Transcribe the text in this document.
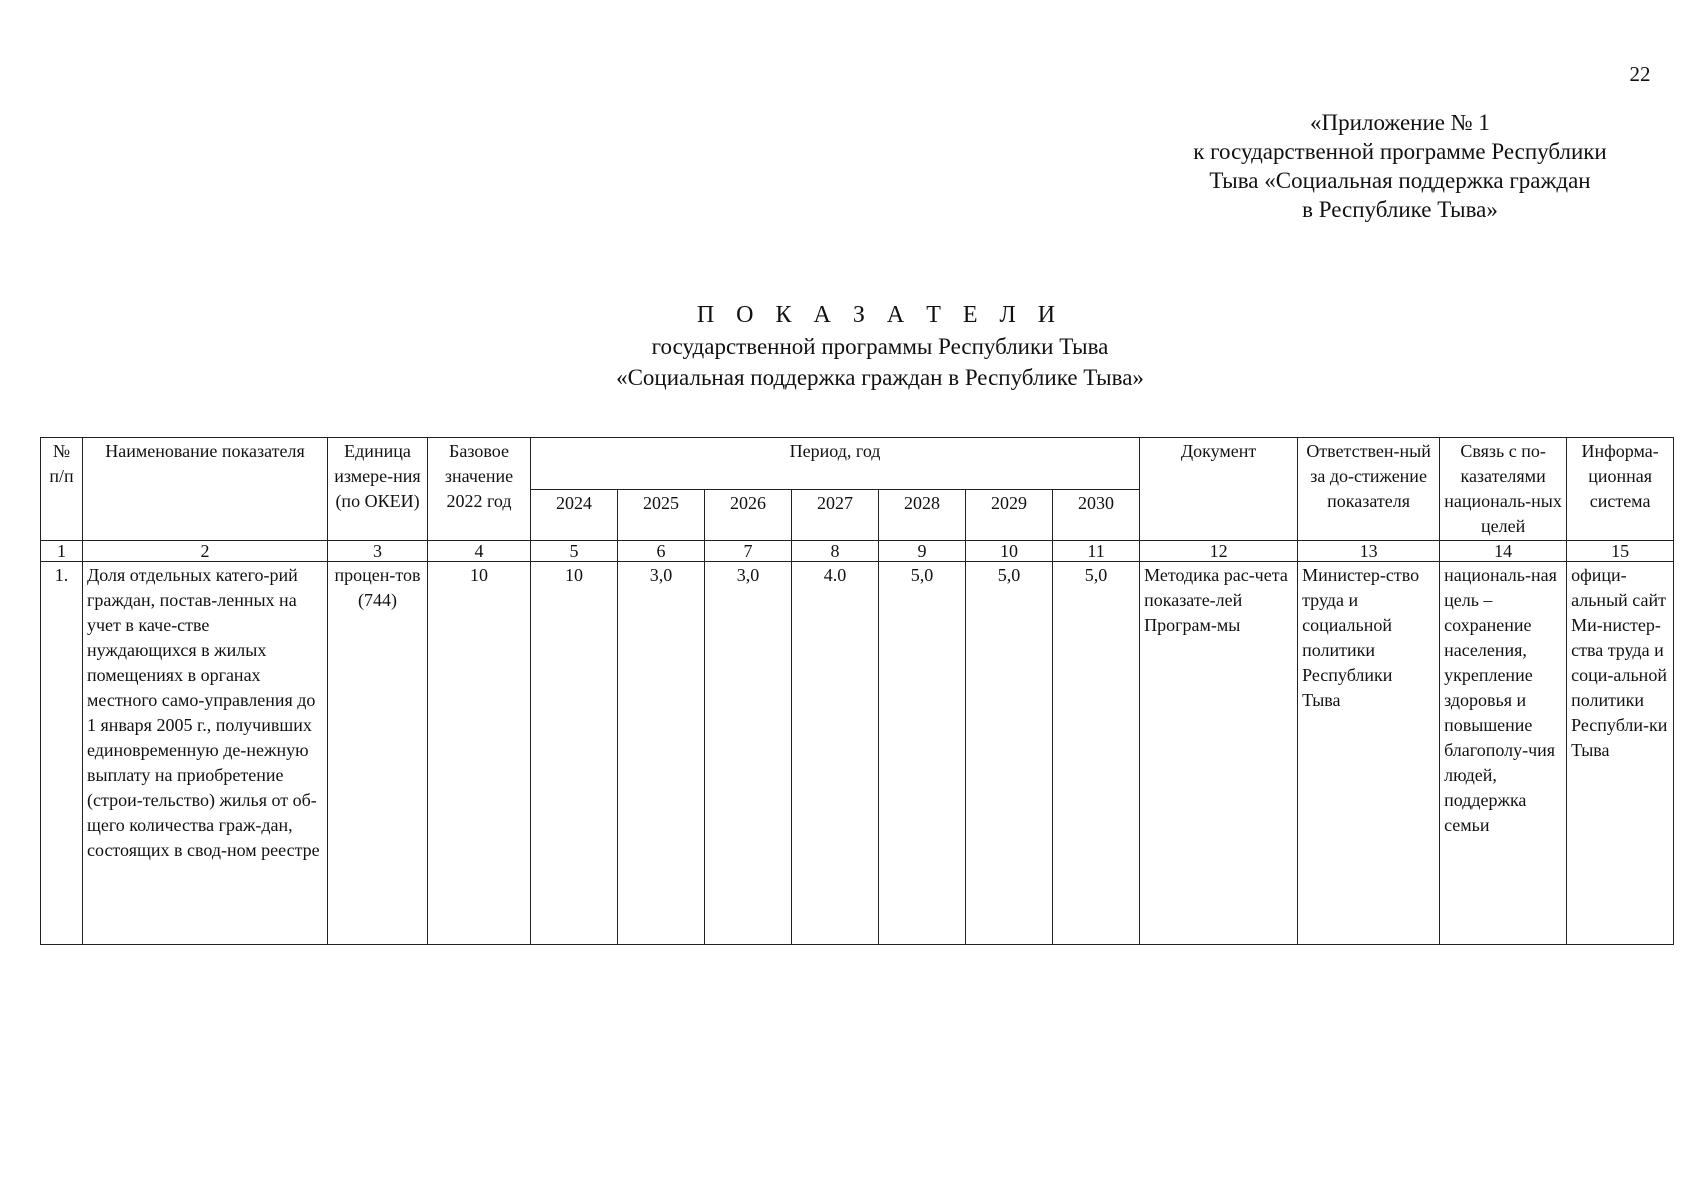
22
«Приложение № 1
к государственной программе Республики
Тыва «Социальная поддержка граждан
в Республике Тыва»
П О К А З А Т Е Л И
государственной программы Республики Тыва
«Социальная поддержка граждан в Республике Тыва»
№ п/п	Наименование показателя	Единица измере-ния (по ОКЕИ)	Базовое значение 2022 год	Период, год							Документ	Ответствен-ный за до-стижение показателя	Связь с по-казателями националь-ных целей	Информа-ционная система
				2024	2025	2026	2027	2028	2029	2030				
1	2	3	4	5	6	7	8	9	10	11	12	13	14	15
1.	Доля отдельных катего-рий граждан, постав-ленных на учет в каче-стве нуждающихся в жилых помещениях в органах местного само-управления до 1 января 2005 г., получивших единовременную де-нежную выплату на приобретение (строи-тельство) жилья от об-щего количества граж-дан, состоящих в свод-ном реестре	процен-тов (744)	10	10	3,0	3,0	4.0	5,0	5,0	5,0	Методика рас-чета показате-лей Програм-мы	Министер-ство труда и социальной политики Республики Тыва	националь-ная цель – сохранение населения, укрепление здоровья и повышение благополу-чия людей, поддержка семьи	офици-альный сайт Ми-нистер-ства труда и соци-альной политики Республи-ки Тыва
